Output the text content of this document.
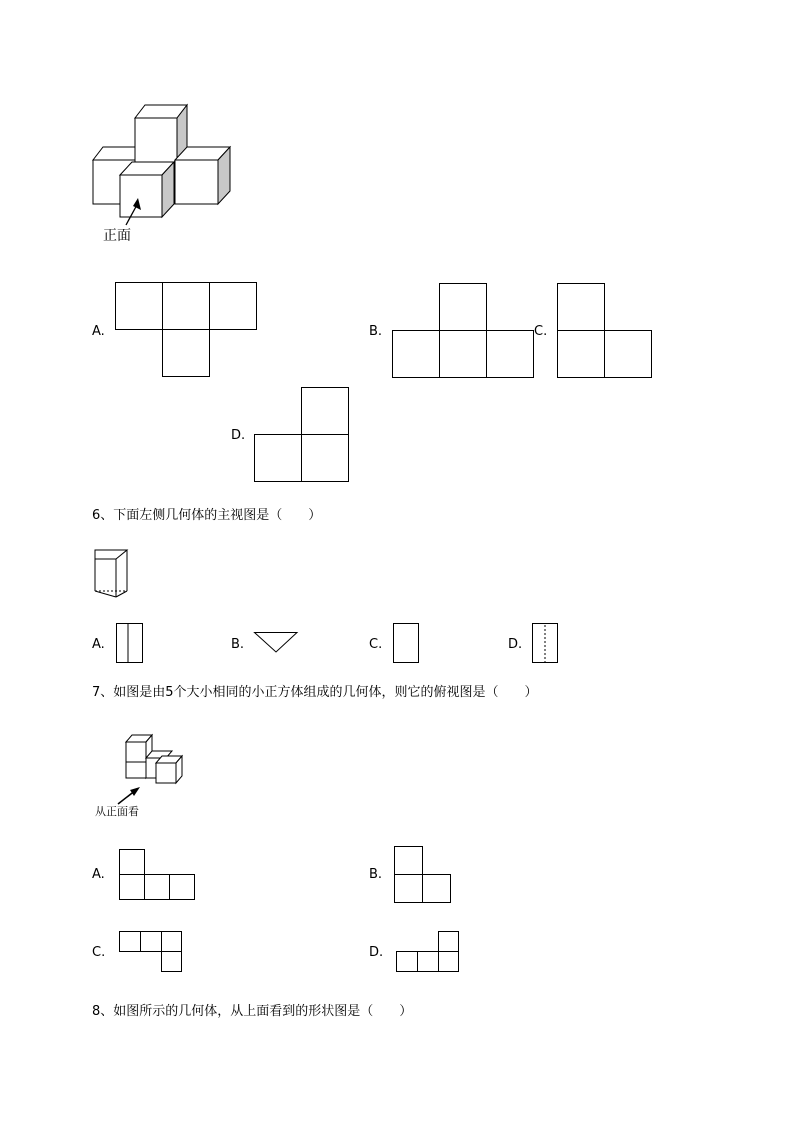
正面
A.	B.	C.
D.
6、下面左侧几何体的主视图是（　　）
A.	B.	C.	D.
7、如图是由5个大小相同的小正方体组成的几何体，则它的俯视图是（　　）
从正面看
A.	B.
C.	D.
8、如图所示的几何体，从上面看到的形状图是（　　）
